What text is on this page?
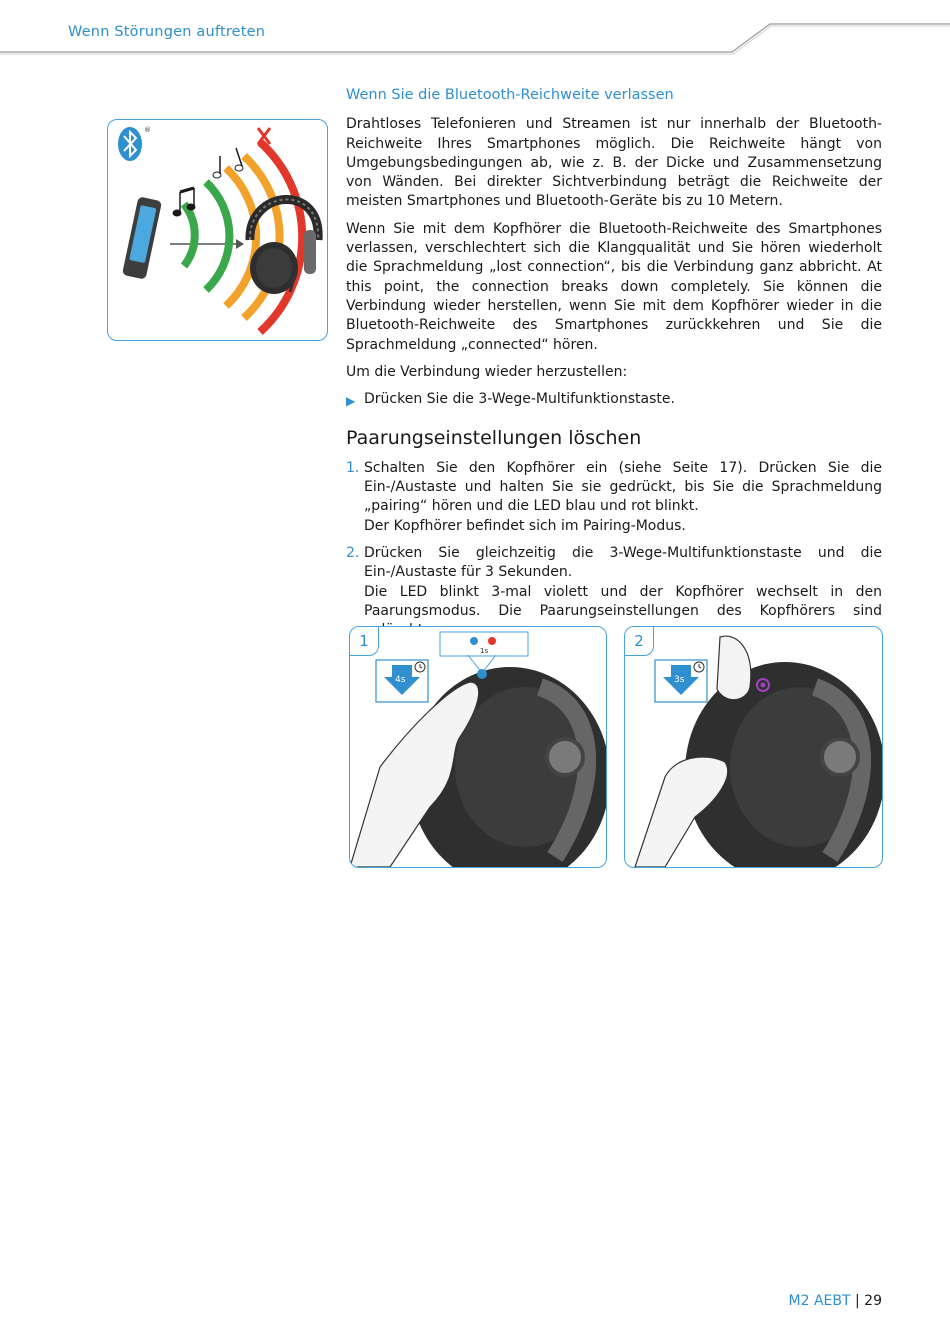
Wenn Störungen auftreten
®
Wenn Sie die Bluetooth-Reichweite verlassen

Drahtloses Telefonieren und Streamen ist nur innerhalb der Bluetooth-Reichweite Ihres Smartphones möglich. Die Reichweite hängt von Umgebungsbedingungen ab, wie z. B. der Dicke und Zusammensetzung von Wänden. Bei direkter Sichtverbindung beträgt die Reichweite der meisten Smartphones und Bluetooth-Geräte bis zu 10 Metern.

Wenn Sie mit dem Kopfhörer die Bluetooth-Reichweite des Smartphones verlassen, verschlechtert sich die Klangqualität und Sie hören wiederholt die Sprachmeldung „lost connection“, bis die Verbindung ganz abbricht. At this point, the connection breaks down completely. Sie können die Verbindung wieder herstellen, wenn Sie mit dem Kopfhörer wieder in die Bluetooth-Reichweite des Smartphones zurückkehren und Sie die Sprachmeldung „connected“ hören.

Um die Verbindung wieder herzustellen:

▶ Drücken Sie die 3-Wege-Multifunktionstaste.
Paarungseinstellungen löschen
1. Schalten Sie den Kopfhörer ein (siehe Seite 17). Drücken Sie die Ein-/Austaste und halten Sie sie gedrückt, bis Sie die Sprachmeldung „pairing“ hören und die LED blau und rot blinkt.
Der Kopfhörer befindet sich im Pairing-Modus.
2. Drücken Sie gleichzeitig die 3-Wege-Multifunktionstaste und die Ein-/Austaste für 3 Sekunden.
Die LED blinkt 3-mal violett und der Kopfhörer wechselt in den Paarungsmodus. Die Paarungseinstellungen des Kopfhörers sind
1
1s
4s
2
3s
M2 AEBT | 29
